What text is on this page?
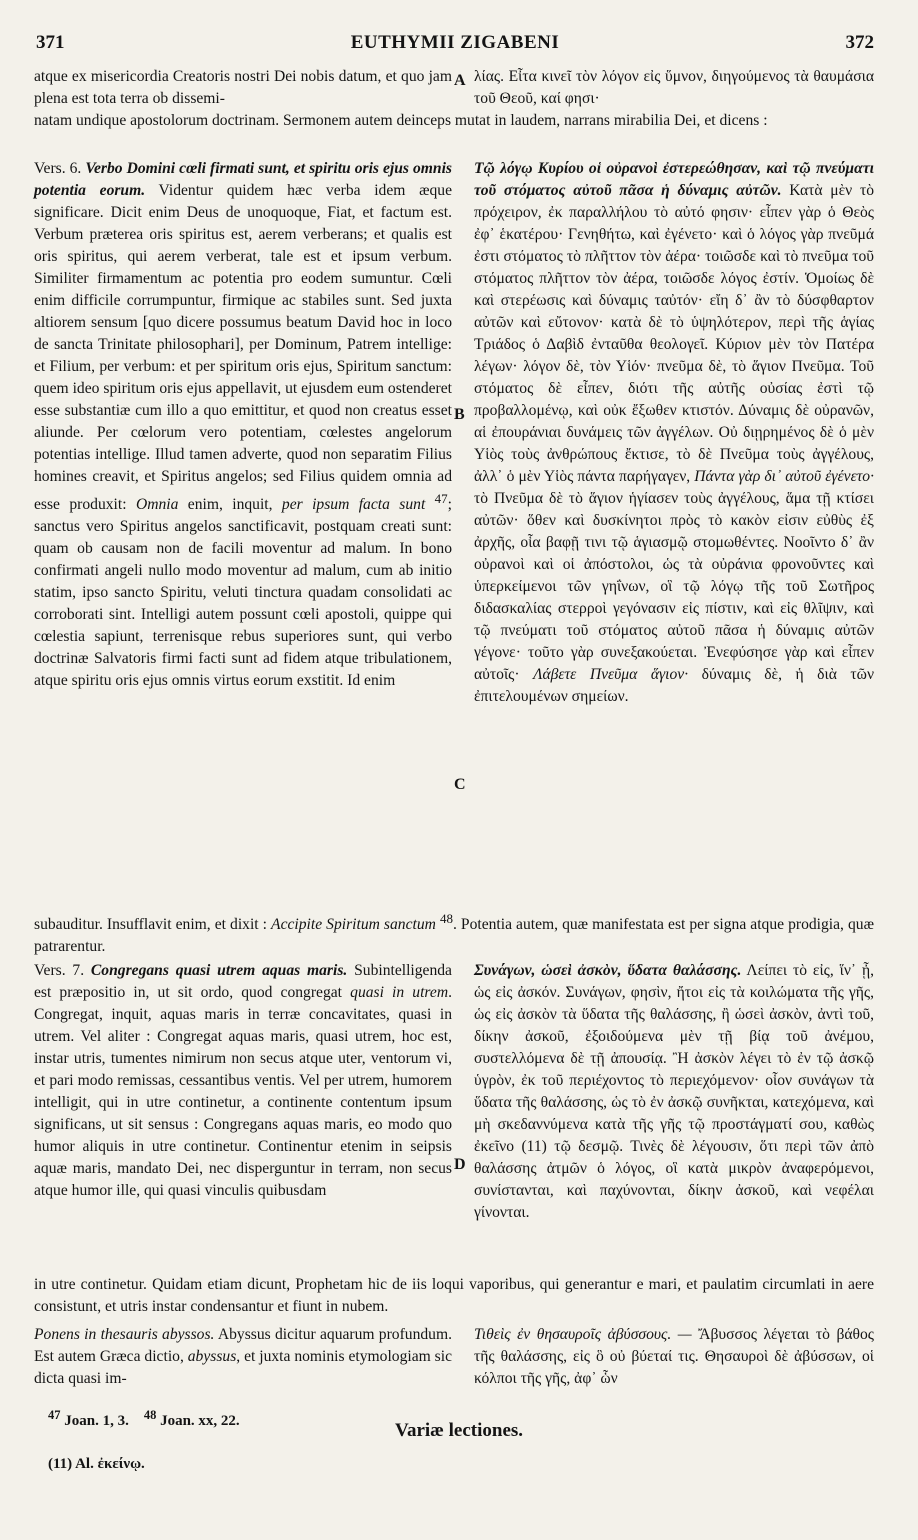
371	EUTHYMII ZIGABENI	372
atque ex misericordia Creatoris nostri Dei nobis datum, et quo jam plena est tota terra ob dissemi-
A λίας. Εἶτα κινεῖ τὸν λόγον εἰς ὕμνον, διηγούμενος τὰ θαυμάσια τοῦ Θεοῦ, καί φησι·
natam undique apostolorum doctrinam. Sermonem autem deinceps mutat in laudem, narrans mirabilia Dei, et dicens :
Vers. 6. Verbo Domini cœli firmati sunt, et spiritu oris ejus omnis potentia eorum. Videntur quidem hæc verba idem æque significare. Dicit enim Deus de unoquoque, Fiat, et factum est. Verbum præterea oris spiritus est, aerem verberans; et qualis est oris spiritus, qui aerem verberat, tale est et ipsum verbum. Similiter firmamentum ac potentia pro eodem sumuntur. Cœli enim difficile corrumpuntur, firmique ac stabiles sunt. Sed juxta altiorem sensum [quo dicere possumus beatum David hoc in loco de sancta Trinitate philosophari], per Dominum, Patrem intellige: et Filium, per verbum: et per spiritum oris ejus, Spiritum sanctum: quem ideo spiritum oris ejus appellavit, ut ejusdem eum ostenderet esse substantiæ cum illo a quo emittitur, et quod non creatus esset aliunde. Per cœlorum vero potentiam, cœlestes angelorum potentias intellige. Illud tamen adverte, quod non separatim Filius homines creavit, et Spiritus angelos; sed Filius quidem omnia ad esse produxit: Omnia enim, inquit, per ipsum facta sunt $^{47}$; sanctus vero Spiritus angelos sanctificavit, postquam creati sunt: quam ob causam non de facili moventur ad malum. In bono confirmati angeli nullo modo moventur ad malum, cum ab initio statim, ipso sancto Spiritu, veluti tinctura quadam consolidati ac corroborati sint. Intelligi autem possunt cœli apostoli, quippe qui cœlestia sapiunt, terrenisque rebus superiores sunt, qui verbo doctrinæ Salvatoris firmi facti sunt ad fidem atque tribulationem, atque spiritu oris ejus omnis virtus eorum exstitit. Id enim
B
C
Τῷ λόγῳ Κυρίου οἱ οὐρανοὶ ἐστερεώθησαν, καὶ τῷ πνεύματι τοῦ στόματος αὐτοῦ πᾶσα ἡ δύναμις αὐτῶν. Κατὰ μὲν τὸ πρόχειρον, ἐκ παραλλήλου τὸ αὐτό φησιν· εἶπεν γὰρ ὁ Θεὸς ἐφ᾽ ἑκατέρου· Γενηθήτω, καὶ ἐγένετο· καὶ ὁ λόγος γὰρ πνεῦμά ἐστι στόματος τὸ πλῆττον τὸν ἀέρα· τοιῶσδε καὶ τὸ πνεῦμα τοῦ στόματος πλῆττον τὸν ἀέρα, τοιῶσδε λόγος ἐστίν. Ὁμοίως δὲ καὶ στερέωσις καὶ δύναμις ταὐτόν· εἴη δ᾽ ἂν τὸ δύσφθαρτον αὐτῶν καὶ εὔτονον· κατὰ δὲ τὸ ὑψηλότερον, περὶ τῆς ἁγίας Τριάδος ὁ Δαβὶδ ἐνταῦθα θεολογεῖ. Κύριον μὲν τὸν Πατέρα λέγων· λόγον δὲ, τὸν Υἱόν· πνεῦμα δὲ, τὸ ἅγιον Πνεῦμα. Τοῦ στόματος δὲ εἶπεν, διότι τῆς αὐτῆς οὐσίας ἐστὶ τῷ προβαλλομένῳ, καὶ οὐκ ἔξωθεν κτιστόν. Δύναμις δὲ οὐρανῶν, αἱ ἐπουράνιαι δυνάμεις τῶν ἀγγέλων. Οὐ διῃρημένος δὲ ὁ μὲν Υἱὸς τοὺς ἀνθρώπους ἔκτισε, τὸ δὲ Πνεῦμα τοὺς ἀγγέλους, ἀλλ᾽ ὁ μὲν Υἱὸς πάντα παρήγαγεν, Πάντα γὰρ δι᾽ αὐτοῦ ἐγένετο· τὸ Πνεῦμα δὲ τὸ ἅγιον ἡγίασεν τοὺς ἀγγέλους, ἅμα τῇ κτίσει αὐτῶν· ὅθεν καὶ δυσκίνητοι πρὸς τὸ κακὸν εἰσιν εὐθὺς ἐξ ἀρχῆς, οἷα βαφῇ τινι τῷ ἁγιασμῷ στομωθέντες. Νοοῖντο δ᾽ ἂν οὐρανοὶ καὶ οἱ ἀπόστολοι, ὡς τὰ οὐράνια φρονοῦντες καὶ ὑπερκείμενοι τῶν γηΐνων, οἳ τῷ λόγῳ τῆς τοῦ Σωτῆρος διδασκαλίας στερροὶ γεγόνασιν εἰς πίστιν, καὶ εἰς θλῖψιν, καὶ τῷ πνεύματι τοῦ στόματος αὐτοῦ πᾶσα ἡ δύναμις αὐτῶν γέγονε· τοῦτο γὰρ συνεξακούεται. Ἐνεφύσησε γὰρ καὶ εἶπεν αὐτοῖς· Λάβετε Πνεῦμα ἅγιον· δύναμις δὲ, ἡ διὰ τῶν ἐπιτελουμένων σημείων.
subauditur. Insufflavit enim, et dixit : Accipite Spiritum sanctum $^{48}$. Potentia autem, quæ manifestata est per signa atque prodigia, quæ patrarentur.
Vers. 7. Congregans quasi utrem aquas maris. Subintelligenda est præpositio in, ut sit ordo, quod congregat quasi in utrem. Congregat, inquit, aquas maris in terræ concavitates, quasi in utrem. Vel aliter : Congregat aquas maris, quasi utrem, hoc est, instar utris, tumentes nimirum non secus atque uter, ventorum vi, et pari modo remissas, cessantibus ventis. Vel per utrem, humorem intelligit, qui in utre continetur, a continente contentum ipsum significans, ut sit sensus : Congregans aquas maris, eo modo quo humor aliquis in utre continetur. Continentur etenim in seipsis aquæ maris, mandato Dei, nec disperguntur in terram, non secus atque humor ille, qui quasi vinculis quibusdam
D
Συνάγων, ὡσεὶ ἀσκὸν, ὕδατα θαλάσσης. Λείπει τὸ εἰς, ἵν᾽ ᾖ, ὡς εἰς ἀσκόν. Συνάγων, φησὶν, ἤτοι εἰς τὰ κοιλώματα τῆς γῆς, ὡς εἰς ἀσκὸν τὰ ὕδατα τῆς θαλάσσης, ἢ ὡσεὶ ἀσκὸν, ἀντὶ τοῦ, δίκην ἀσκοῦ, ἐξοιδούμενα μὲν τῇ βίᾳ τοῦ ἀνέμου, συστελλόμενα δὲ τῇ ἀπουσίᾳ. Ἢ ἀσκὸν λέγει τὸ ἐν τῷ ἀσκῷ ὑγρὸν, ἐκ τοῦ περιέχοντος τὸ περιεχόμενον· οἷον συνάγων τὰ ὕδατα τῆς θαλάσσης, ὡς τὸ ἐν ἀσκῷ συνῆκται, κατεχόμενα, καὶ μὴ σκεδαννύμενα κατὰ τῆς γῆς τῷ προστάγματί σου, καθὼς ἐκεῖνο (11) τῷ δεσμῷ. Τινὲς δὲ λέγουσιν, ὅτι περὶ τῶν ἀπὸ θαλάσσης ἀτμῶν ὁ λόγος, οἳ κατὰ μικρὸν ἀναφερόμενοι, συνίστανται, καὶ παχύνονται, δίκην ἀσκοῦ, καὶ νεφέλαι γίνονται.
in utre continetur. Quidam etiam dicunt, Prophetam hic de iis loqui vaporibus, qui generantur e mari, et paulatim circumlati in aere consistunt, et utris instar condensantur et fiunt in nubem.
Ponens in thesauris abyssos. Abyssus dicitur aquarum profundum. Est autem Græca dictio, abyssus, et juxta nominis etymologiam sic dicta quasi im-
Τιθεὶς ἐν θησαυροῖς ἀβύσσους. — Ἄβυσσος λέγεται τὸ βάθος τῆς θαλάσσης, εἰς ὃ οὐ βύεταί τις. Θησαυροὶ δὲ ἀβύσσων, οἱ κόλποι τῆς γῆς, ἀφ᾽ ὧν
$^{47}$ Joan. 1, 3. $^{48}$ Joan. xx, 22.	Variæ lectiones.
(11) Al. ἐκείνῳ.
